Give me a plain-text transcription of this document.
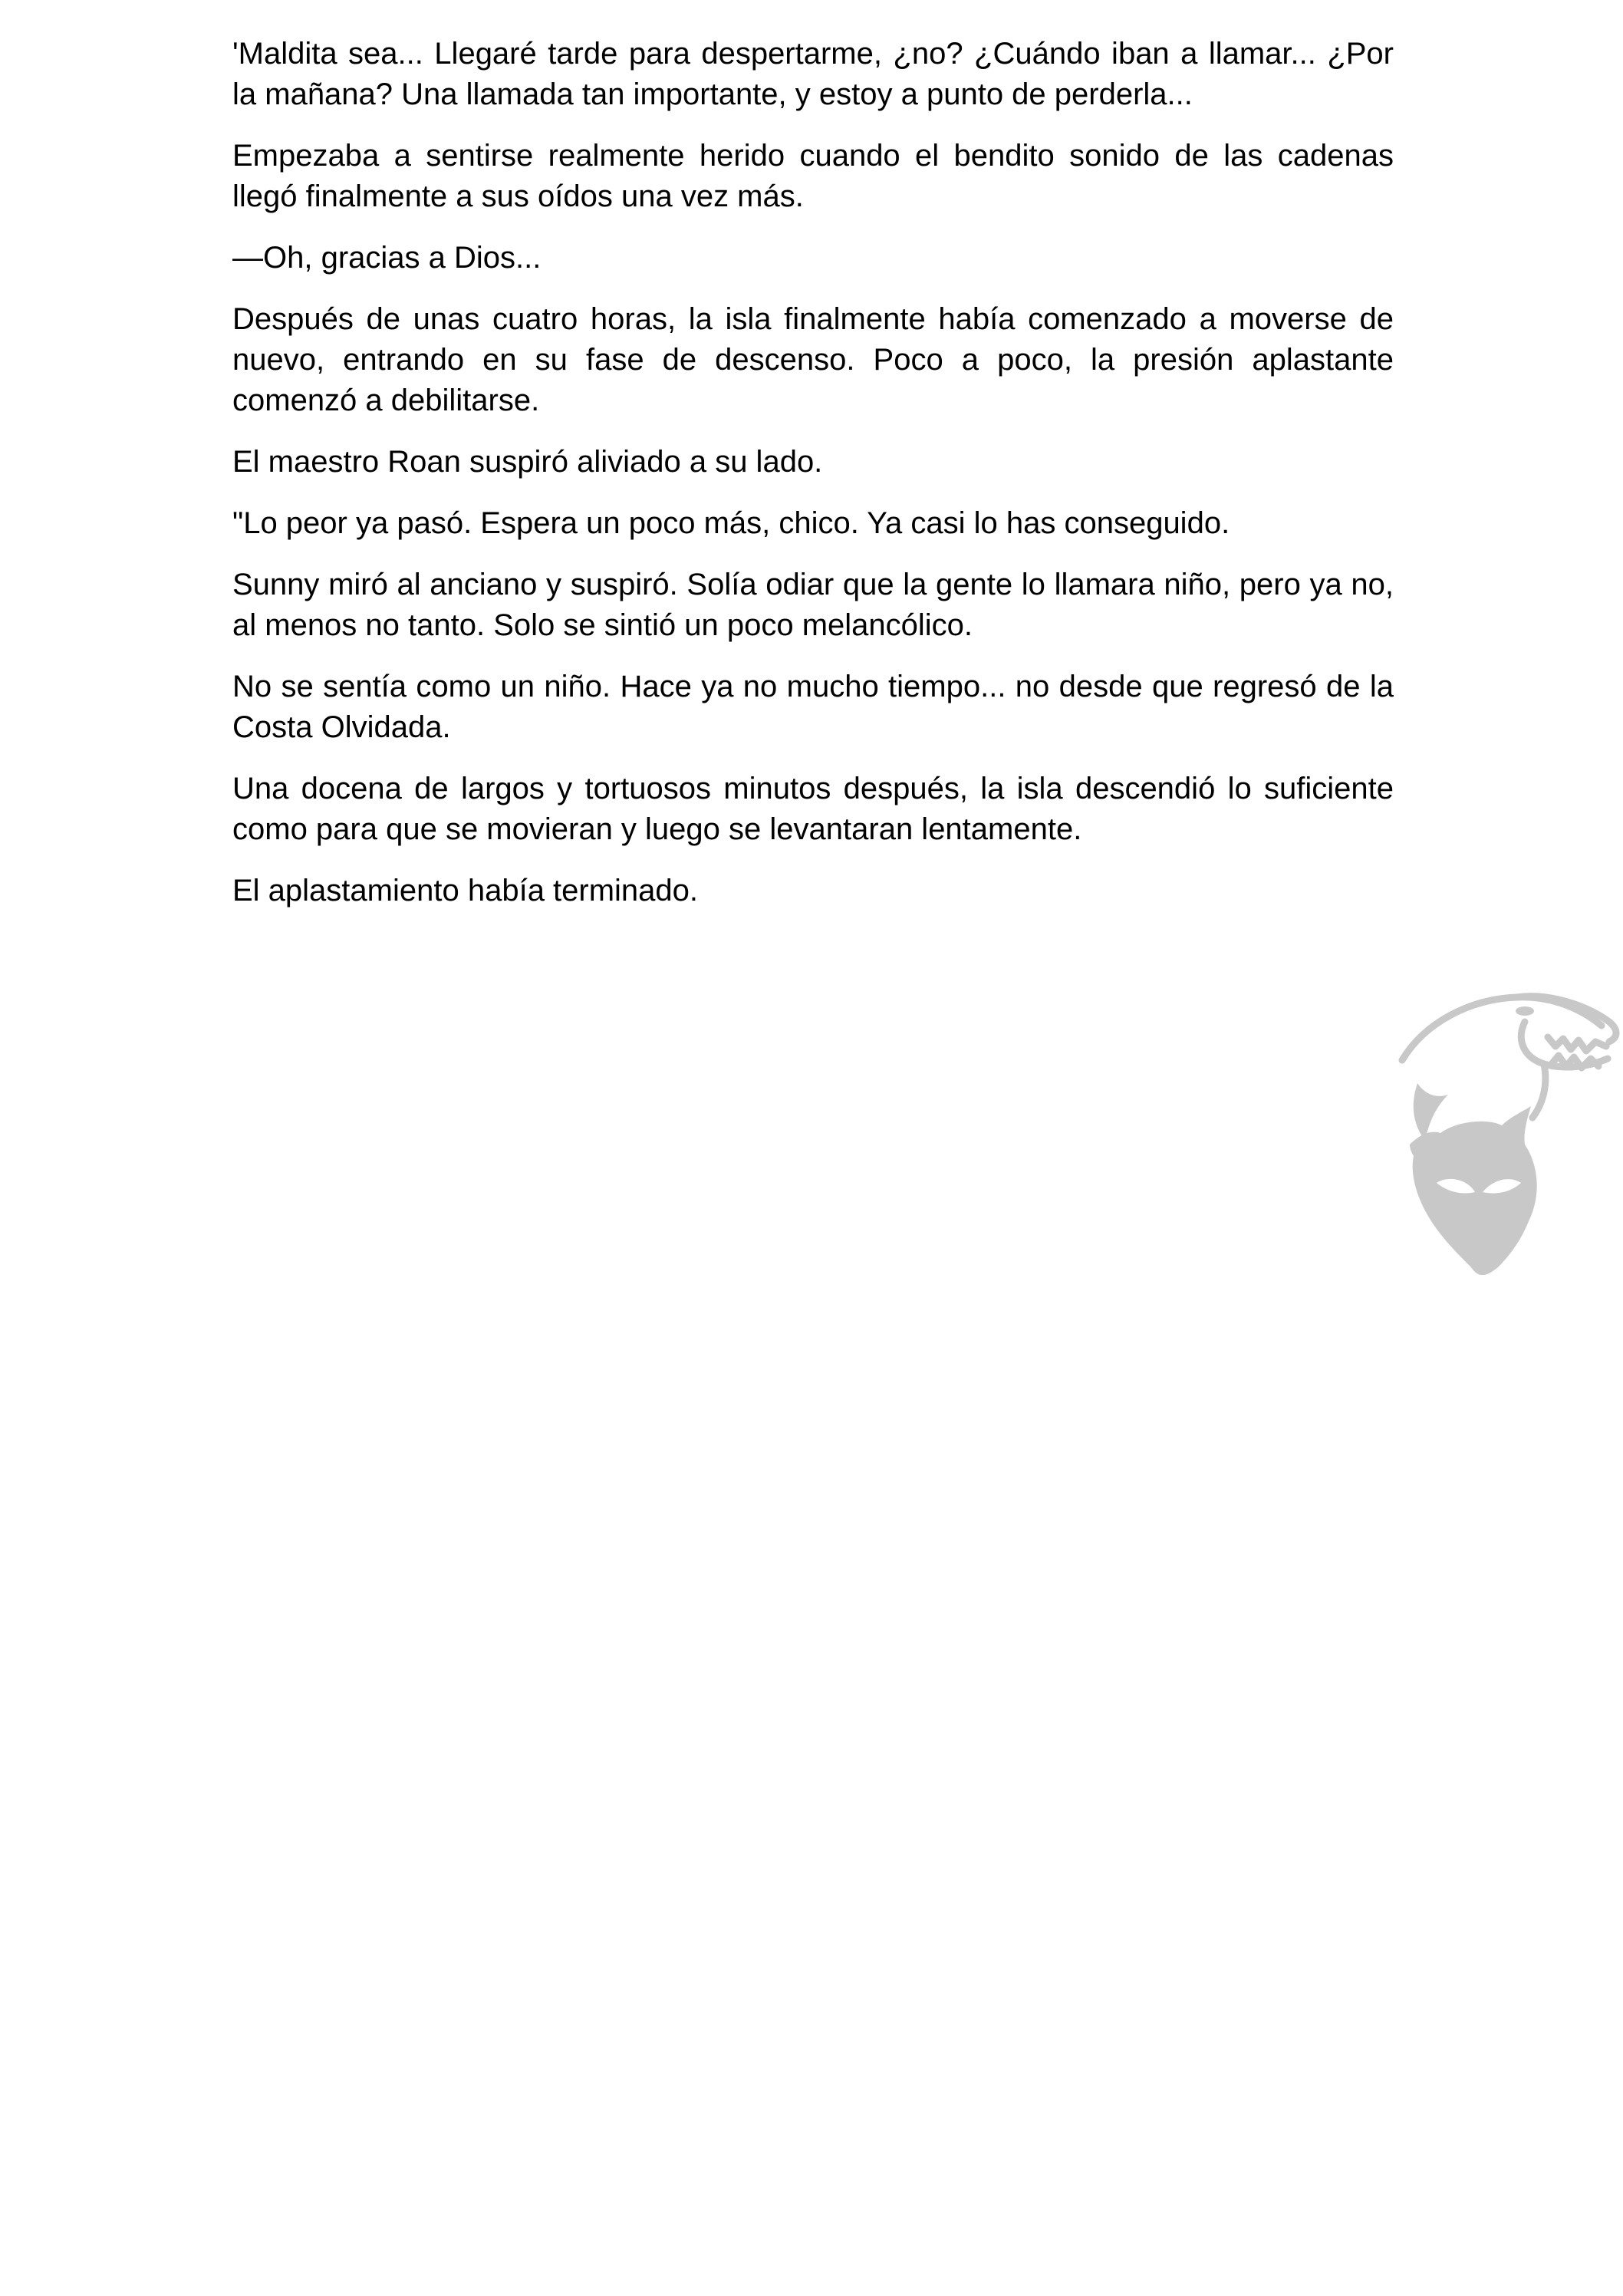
'Maldita sea... Llegaré tarde para despertarme, ¿no? ¿Cuándo iban a llamar... ¿Por la mañana? Una llamada tan importante, y estoy a punto de perderla...

Empezaba a sentirse realmente herido cuando el bendito sonido de las cadenas llegó finalmente a sus oídos una vez más.

—Oh, gracias a Dios...

Después de unas cuatro horas, la isla finalmente había comenzado a moverse de nuevo, entrando en su fase de descenso. Poco a poco, la presión aplastante comenzó a debilitarse.

El maestro Roan suspiró aliviado a su lado.

"Lo peor ya pasó. Espera un poco más, chico. Ya casi lo has conseguido.

Sunny miró al anciano y suspiró. Solía odiar que la gente lo llamara niño, pero ya no, al menos no tanto. Solo se sintió un poco melancólico.

No se sentía como un niño. Hace ya no mucho tiempo... no desde que regresó de la Costa Olvidada.

Una docena de largos y tortuosos minutos después, la isla descendió lo suficiente como para que se movieran y luego se levantaran lentamente.

El aplastamiento había terminado.
